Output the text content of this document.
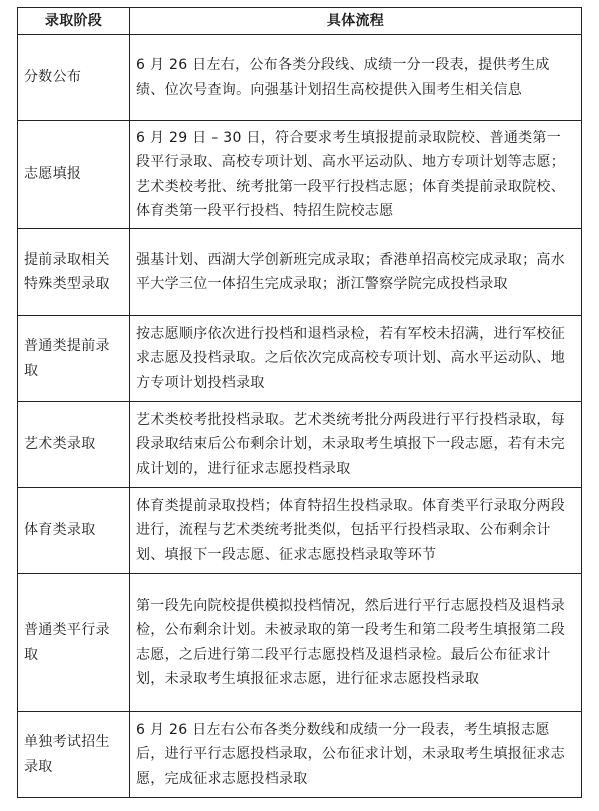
录取阶段	具体流程
分数公布	6 月 26 日左右，公布各类分段线、成绩一分一段表，提供考生成绩、位次号查询。向强基计划招生高校提供入围考生相关信息
志愿填报	6 月 29 日 – 30 日，符合要求考生填报提前录取院校、普通类第一段平行录取、高校专项计划、高水平运动队、地方专项计划等志愿；艺术类校考批、统考批第一段平行投档志愿；体育类提前录取院校、体育类第一段平行投档、特招生院校志愿
提前录取相关特殊类型录取	强基计划、西湖大学创新班完成录取；香港单招高校完成录取；高水平大学三位一体招生完成录取；浙江警察学院完成投档录取
普通类提前录取	按志愿顺序依次进行投档和退档录检，若有军校未招满，进行军校征求志愿及投档录取。之后依次完成高校专项计划、高水平运动队、地方专项计划投档录取
艺术类录取	艺术类校考批投档录取。艺术类统考批分两段进行平行投档录取，每段录取结束后公布剩余计划，未录取考生填报下一段志愿，若有未完成计划的，进行征求志愿投档录取
体育类录取	体育类提前录取投档；体育特招生投档录取。体育类平行录取分两段进行，流程与艺术类统考批类似，包括平行投档录取、公布剩余计划、填报下一段志愿、征求志愿投档录取等环节
普通类平行录取	第一段先向院校提供模拟投档情况，然后进行平行志愿投档及退档录检，公布剩余计划。未被录取的第一段考生和第二段考生填报第二段志愿，之后进行第二段平行志愿投档及退档录检。最后公布征求计划，未录取考生填报征求志愿，进行征求志愿投档录取
单独考试招生录取	6 月 26 日左右公布各类分数线和成绩一分一段表，考生填报志愿后，进行平行志愿投档录取，公布征求计划，未录取考生填报征求志愿，完成征求志愿投档录取
